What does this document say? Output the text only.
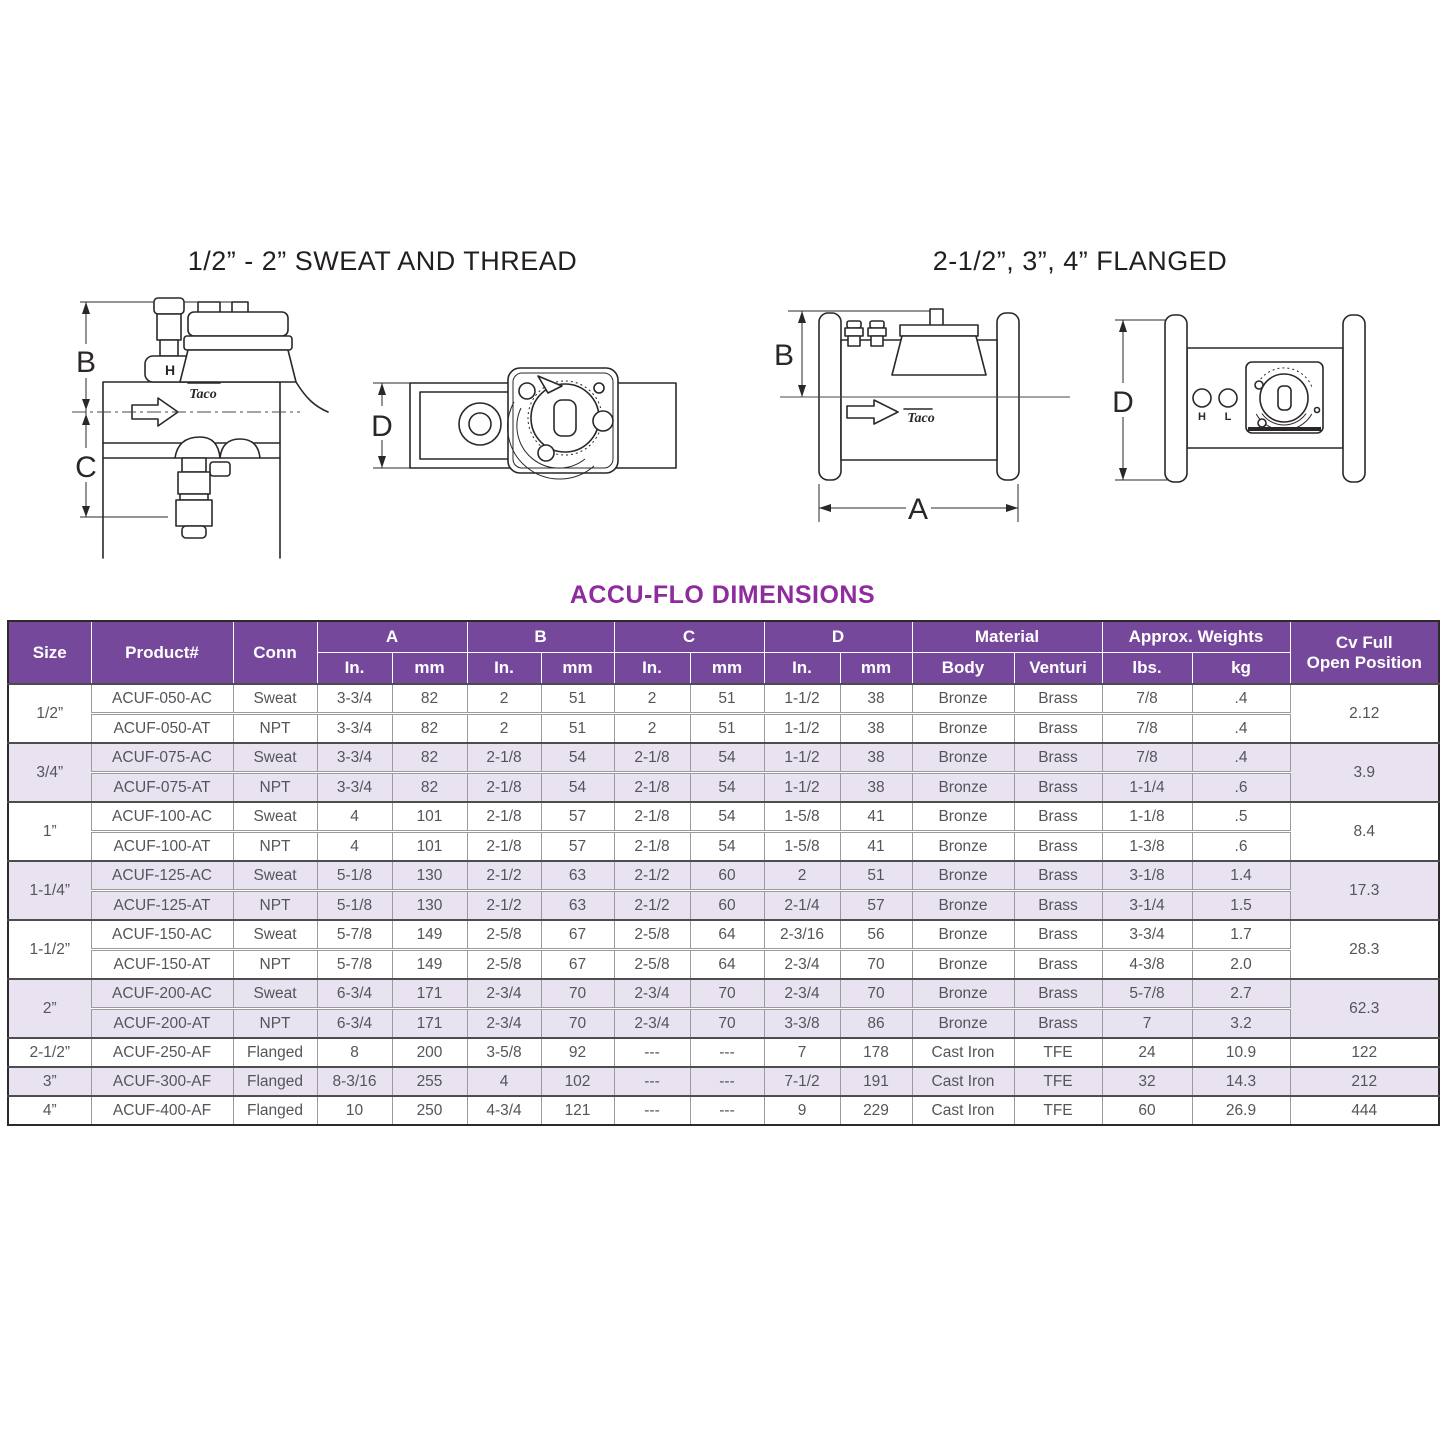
1/2” - 2” SWEAT AND THREAD	2-1/2”, 3”, 4” FLANGED
B
C
H
Taco
D
B
Taco
A
D	H L
ACCU-FLO DIMENSIONS
Size	Product#	Conn	A		B		C		D		Material		Approx. Weights		Cv Full
Open Position

			In.	mm	In.	mm	In.	mm	In.	mm	Body	Venturi	lbs.	kg	
1/2”	ACUF-050-AC	Sweat	3-3/4	82	2	51	2	51	1-1/2	38	Bronze	Brass	7/8	.4	2.12
	ACUF-050-AT	NPT	3-3/4	82	2	51	2	51	1-1/2	38	Bronze	Brass	7/8	.4	
3/4”	ACUF-075-AC	Sweat	3-3/4	82	2-1/8	54	2-1/8	54	1-1/2	38	Bronze	Brass	7/8	.4	3.9
	ACUF-075-AT	NPT	3-3/4	82	2-1/8	54	2-1/8	54	1-1/2	38	Bronze	Brass	1-1/4	.6	
1”	ACUF-100-AC	Sweat	4	101	2-1/8	57	2-1/8	54	1-5/8	41	Bronze	Brass	1-1/8	.5	8.4
	ACUF-100-AT	NPT	4	101	2-1/8	57	2-1/8	54	1-5/8	41	Bronze	Brass	1-3/8	.6	
1-1/4”	ACUF-125-AC	Sweat	5-1/8	130	2-1/2	63	2-1/2	60	2	51	Bronze	Brass	3-1/8	1.4	17.3
	ACUF-125-AT	NPT	5-1/8	130	2-1/2	63	2-1/2	60	2-1/4	57	Bronze	Brass	3-1/4	1.5	
1-1/2”	ACUF-150-AC	Sweat	5-7/8	149	2-5/8	67	2-5/8	64	2-3/16	56	Bronze	Brass	3-3/4	1.7	28.3
	ACUF-150-AT	NPT	5-7/8	149	2-5/8	67	2-5/8	64	2-3/4	70	Bronze	Brass	4-3/8	2.0	
2”	ACUF-200-AC	Sweat	6-3/4	171	2-3/4	70	2-3/4	70	2-3/4	70	Bronze	Brass	5-7/8	2.7	62.3
	ACUF-200-AT	NPT	6-3/4	171	2-3/4	70	2-3/4	70	3-3/8	86	Bronze	Brass	7	3.2	
2-1/2”	ACUF-250-AF	Flanged	8	200	3-5/8	92	---	---	7	178	Cast Iron	TFE	24	10.9	122
3”	ACUF-300-AF	Flanged	8-3/16	255	4	102	---	---	7-1/2	191	Cast Iron	TFE	32	14.3	212
4”	ACUF-400-AF	Flanged	10	250	4-3/4	121	---	---	9	229	Cast Iron	TFE	60	26.9	444
